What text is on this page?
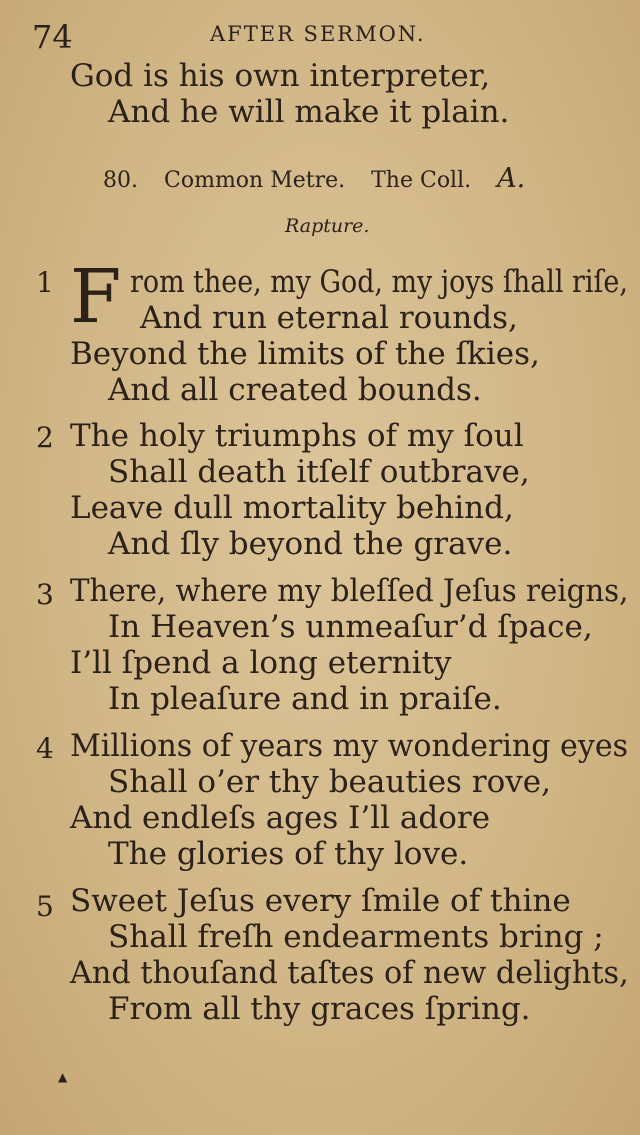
74	AFTER SERMON.
God is his own interpreter,
And he will make it plain.
80. Common Metre. The Coll. A.
Rapture.
1 F rom thee, my God, my joys ſhall riſe,
And run eternal rounds,
Beyond the limits of the ſkies,
And all created bounds.
2 The holy triumphs of my ſoul
Shall death itſelf outbrave,
Leave dull mortality behind,
And ſly beyond the grave.
3 There, where my bleſſed Jeſus reigns,
In Heaven’s unmeaſur’d ſpace,
I’ll ſpend a long eternity
In pleaſure and in praiſe.
4 Millions of years my wondering eyes
Shall o’er thy beauties rove,
And endleſs ages I’ll adore
The glories of thy love.
5 Sweet Jeſus every ſmile of thine
Shall freſh endearments bring ;
And thouſand taſtes of new delights,
From all thy graces ſpring.
▲
